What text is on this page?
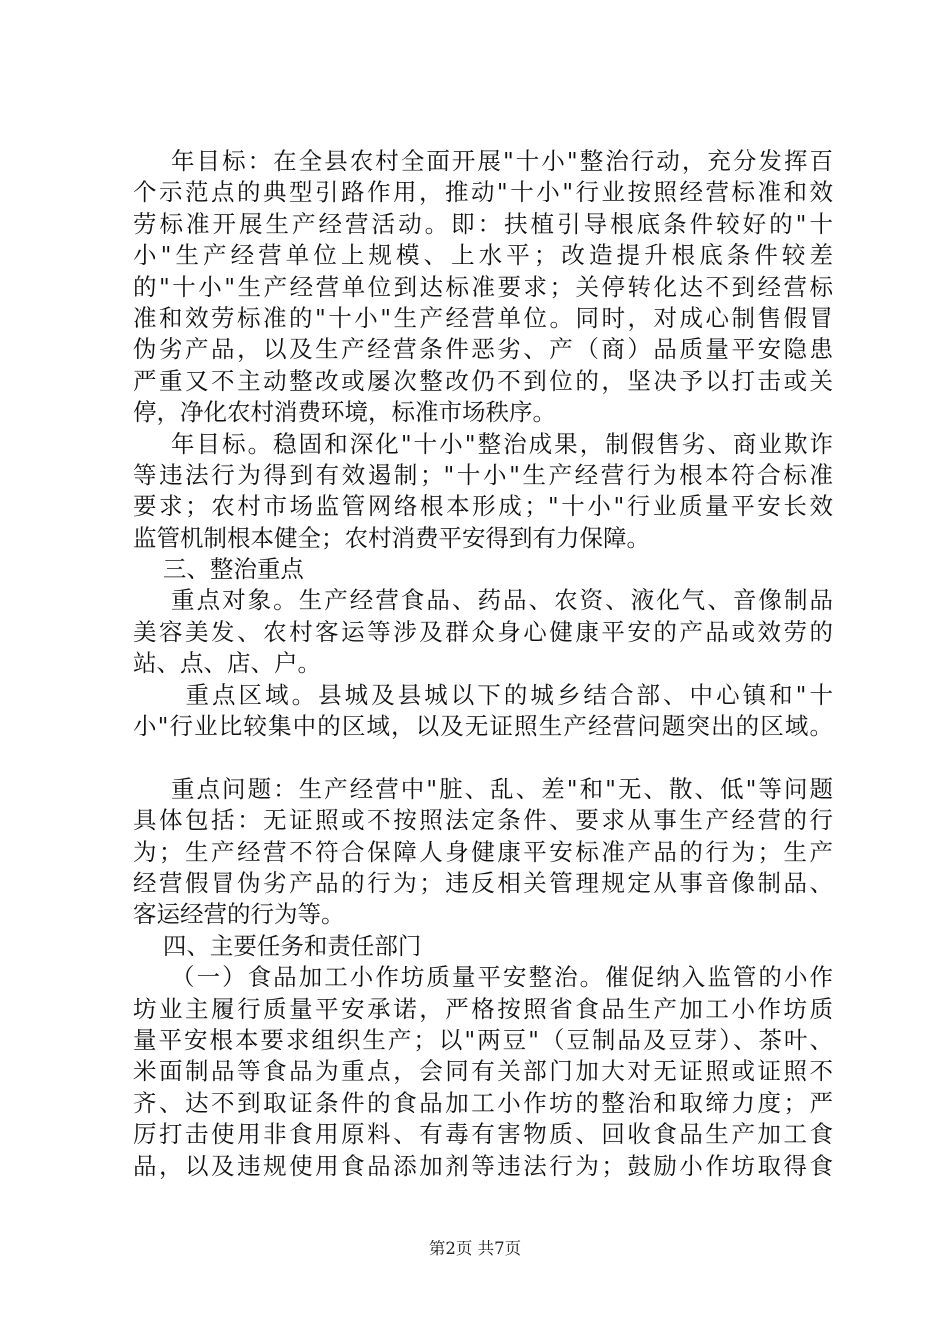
年目标：在全县农村全面开展"十小"整治行动，充分发挥百
个示范点的典型引路作用，推动"十小"行业按照经营标准和效
劳标准开展生产经营活动。即：扶植引导根底条件较好的"十
小"生产经营单位上规模、上水平；改造提升根底条件较差
的"十小"生产经营单位到达标准要求；关停转化达不到经营标
准和效劳标准的"十小"生产经营单位。同时，对成心制售假冒
伪劣产品，以及生产经营条件恶劣、产（商）品质量平安隐患
严重又不主动整改或屡次整改仍不到位的，坚决予以打击或关
停，净化农村消费环境，标准市场秩序。
年目标。稳固和深化"十小"整治成果，制假售劣、商业欺诈
等违法行为得到有效遏制；"十小"生产经营行为根本符合标准
要求；农村市场监管网络根本形成；"十小"行业质量平安长效
监管机制根本健全；农村消费平安得到有力保障。
三、整治重点
重点对象。生产经营食品、药品、农资、液化气、音像制品
美容美发、农村客运等涉及群众身心健康平安的产品或效劳的
站、点、店、户。
重点区域。县城及县城以下的城乡结合部、中心镇和"十
小"行业比较集中的区域，以及无证照生产经营问题突出的区域。
重点问题：生产经营中"脏、乱、差"和"无、散、低"等问题
具体包括：无证照或不按照法定条件、要求从事生产经营的行
为；生产经营不符合保障人身健康平安标准产品的行为；生产
经营假冒伪劣产品的行为；违反相关管理规定从事音像制品、
客运经营的行为等。
四、主要任务和责任部门
（一）食品加工小作坊质量平安整治。催促纳入监管的小作
坊业主履行质量平安承诺，严格按照省食品生产加工小作坊质
量平安根本要求组织生产；以"两豆"（豆制品及豆芽）、茶叶、
米面制品等食品为重点，会同有关部门加大对无证照或证照不
齐、达不到取证条件的食品加工小作坊的整治和取缔力度；严
厉打击使用非食用原料、有毒有害物质、回收食品生产加工食
品，以及违规使用食品添加剂等违法行为；鼓励小作坊取得食
第2页 共7页
